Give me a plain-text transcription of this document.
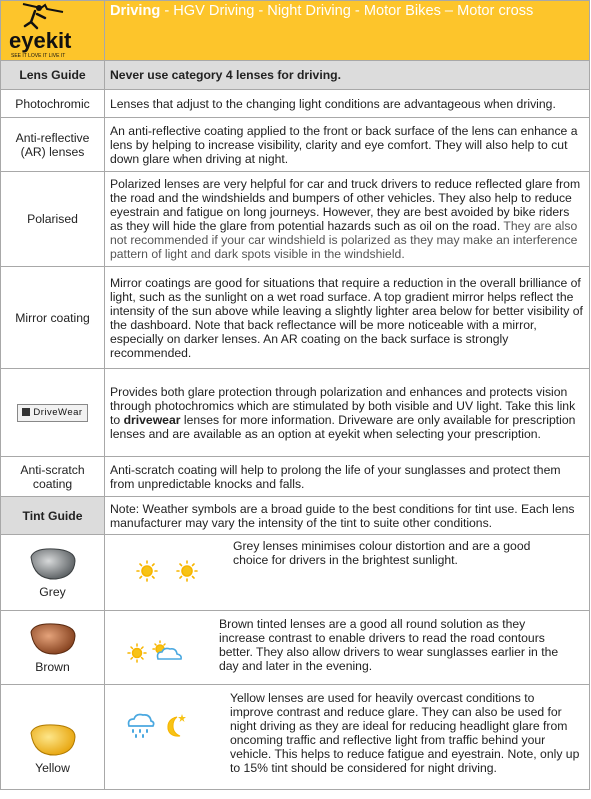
eyekit
SEE IT LOVE IT LIVE IT	Driving - HGV Driving - Night Driving - Motor Bikes – Motor cross
Lens Guide	Never use category 4 lenses for driving.
Photochromic	Lenses that adjust to the changing light conditions are advantageous when driving.
Anti-reflective (AR) lenses	An anti-reflective coating applied to the front or back surface of the lens can enhance a lens by helping to increase visibility, clarity and eye comfort. They will also help to cut down glare when driving at night.
Polarised	Polarized lenses are very helpful for car and truck drivers to reduce reflected glare from the road and the windshields and bumpers of other vehicles. They also help to reduce eyestrain and fatigue on long journeys. However, they are best avoided by bike riders as they will hide the glare from potential hazards such as oil on the road. They are also not recommended if your car windshield is polarized as they may make an interference pattern of light and dark spots visible in the windshield.
Mirror coating	Mirror coatings are good for situations that require a reduction in the overall brilliance of light, such as the sunlight on a wet road surface. A top gradient mirror helps reflect the intensity of the sun above while leaving a slightly lighter area below for better visibility of the dashboard. Note that back reflectance will be more noticeable with a mirror, especially on darker lenses. An AR coating on the back surface is strongly recommended.
DriveWear	Provides both glare protection through polarization and enhances and protects vision through photochromics which are stimulated by both visible and UV light. Take this link to drivewear lenses for more information. Driveware are only available for prescription lenses and are available as an option at eyekit when selecting your prescription.
Anti-scratch coating	Anti-scratch coating will help to prolong the life of your sunglasses and protect them from unpredictable knocks and falls.
Tint Guide	Note: Weather symbols are a broad guide to the best conditions for tint use. Each lens manufacturer may vary the intensity of the tint to suite other conditions.

Grey	Grey lenses minimises colour distortion and are a good choice for drivers in the brightest sunlight.

Brown	Brown tinted lenses are a good all round solution as they increase contrast to enable drivers to read the road contours better. They also allow drivers to wear sunglasses earlier in the day and later in the evening.

Yellow	Yellow lenses are used for heavily overcast conditions to improve contrast and reduce glare. They can also be used for night driving as they are ideal for reducing headlight glare from oncoming traffic and reflective light from traffic behind your vehicle. This helps to reduce fatigue and eyestrain. Note, only up to 15% tint should be considered for night driving.
